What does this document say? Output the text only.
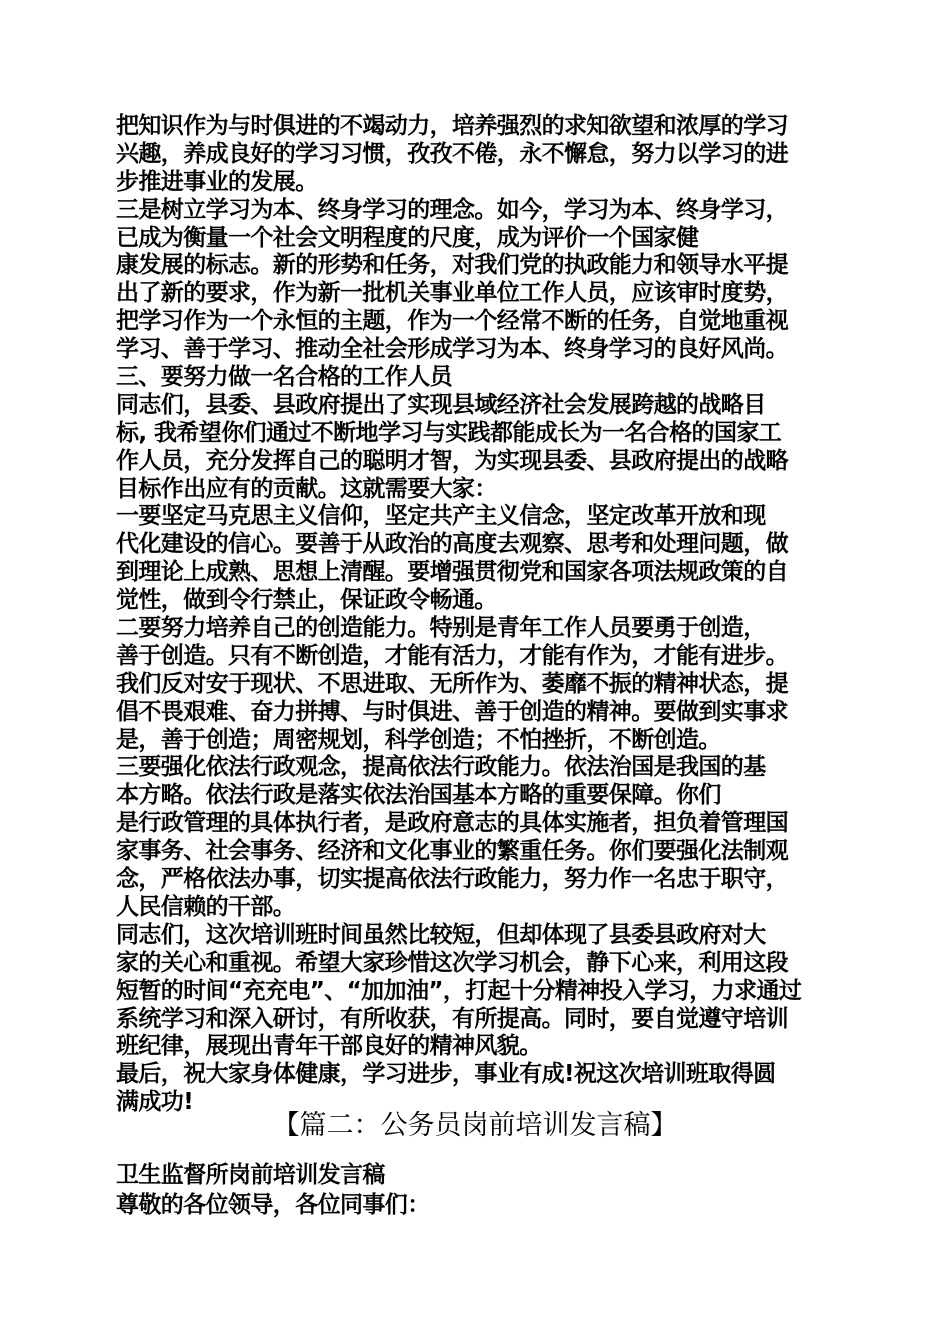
把知识作为与时俱进的不竭动力，培养强烈的求知欲望和浓厚的学习
兴趣，养成良好的学习习惯，孜孜不倦，永不懈怠，努力以学习的进
步推进事业的发展。
三是树立学习为本、终身学习的理念。如今，学习为本、终身学习，
已成为衡量一个社会文明程度的尺度，成为评价一个国家健
康发展的标志。新的形势和任务，对我们党的执政能力和领导水平提
出了新的要求，作为新一批机关事业单位工作人员，应该审时度势，
把学习作为一个永恒的主题，作为一个经常不断的任务，自觉地重视
学习、善于学习、推动全社会形成学习为本、终身学习的良好风尚。
三、要努力做一名合格的工作人员
同志们，县委、县政府提出了实现县域经济社会发展跨越的战略目
标, 我希望你们通过不断地学习与实践都能成长为一名合格的国家工
作人员，充分发挥自己的聪明才智，为实现县委、县政府提出的战略
目标作出应有的贡献。这就需要大家：
一要坚定马克思主义信仰，坚定共产主义信念，坚定改革开放和现
代化建设的信心。要善于从政治的高度去观察、思考和处理问题，做
到理论上成熟、思想上清醒。要增强贯彻党和国家各项法规政策的自
觉性，做到令行禁止，保证政令畅通。
二要努力培养自己的创造能力。特别是青年工作人员要勇于创造，
善于创造。只有不断创造，才能有活力，才能有作为，才能有进步。
我们反对安于现状、不思进取、无所作为、萎靡不振的精神状态，提
倡不畏艰难、奋力拼搏、与时俱进、善于创造的精神。要做到实事求
是，善于创造；周密规划，科学创造；不怕挫折，不断创造。
三要强化依法行政观念，提高依法行政能力。依法治国是我国的基
本方略。依法行政是落实依法治国基本方略的重要保障。你们
是行政管理的具体执行者，是政府意志的具体实施者，担负着管理国
家事务、社会事务、经济和文化事业的繁重任务。你们要强化法制观
念，严格依法办事，切实提高依法行政能力，努力作一名忠于职守，
人民信赖的干部。
同志们，这次培训班时间虽然比较短，但却体现了县委县政府对大
家的关心和重视。希望大家珍惜这次学习机会，静下心来，利用这段
短暂的时间“充充电”、“加加油”，打起十分精神投入学习，力求通过
系统学习和深入研讨，有所收获，有所提高。同时，要自觉遵守培训
班纪律，展现出青年干部良好的精神风貌。
最后，祝大家身体健康，学习进步，事业有成!祝这次培训班取得圆
满成功!
【篇二：公务员岗前培训发言稿】
卫生监督所岗前培训发言稿
尊敬的各位领导，各位同事们：
